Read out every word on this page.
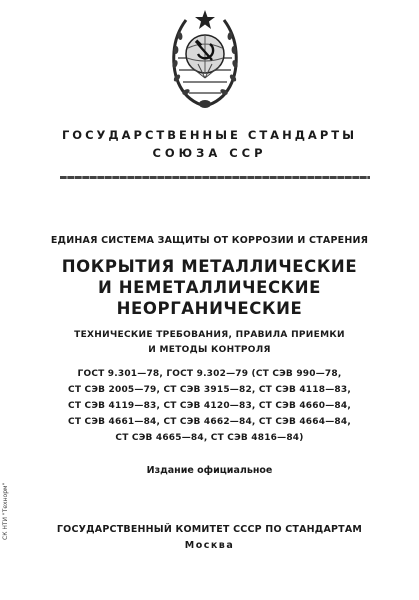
ГОСУДАРСТВЕННЫЕ СТАНДАРТЫ
СОЮЗА ССР
ЕДИНАЯ СИСТЕМА ЗАЩИТЫ ОТ КОРРОЗИИ И СТАРЕНИЯ
ПОКРЫТИЯ МЕТАЛЛИЧЕСКИЕ
И НЕМЕТАЛЛИЧЕСКИЕ
НЕОРГАНИЧЕСКИЕ
ТЕХНИЧЕСКИЕ ТРЕБОВАНИЯ, ПРАВИЛА ПРИЕМКИ
И МЕТОДЫ КОНТРОЛЯ
ГОСТ 9.301—78, ГОСТ 9.302—79 (СТ СЭВ 990—78,
СТ СЭВ 2005—79, СТ СЭВ 3915—82, СТ СЭВ 4118—83,
СТ СЭВ 4119—83, СТ СЭВ 4120—83, СТ СЭВ 4660—84,
СТ СЭВ 4661—84, СТ СЭВ 4662—84, СТ СЭВ 4664—84,
СТ СЭВ 4665—84, СТ СЭВ 4816—84)
Издание официальное
ГОСУДАРСТВЕННЫЙ КОМИТЕТ СССР ПО СТАНДАРТАМ
Москва
СК НТИ "Технорм"
